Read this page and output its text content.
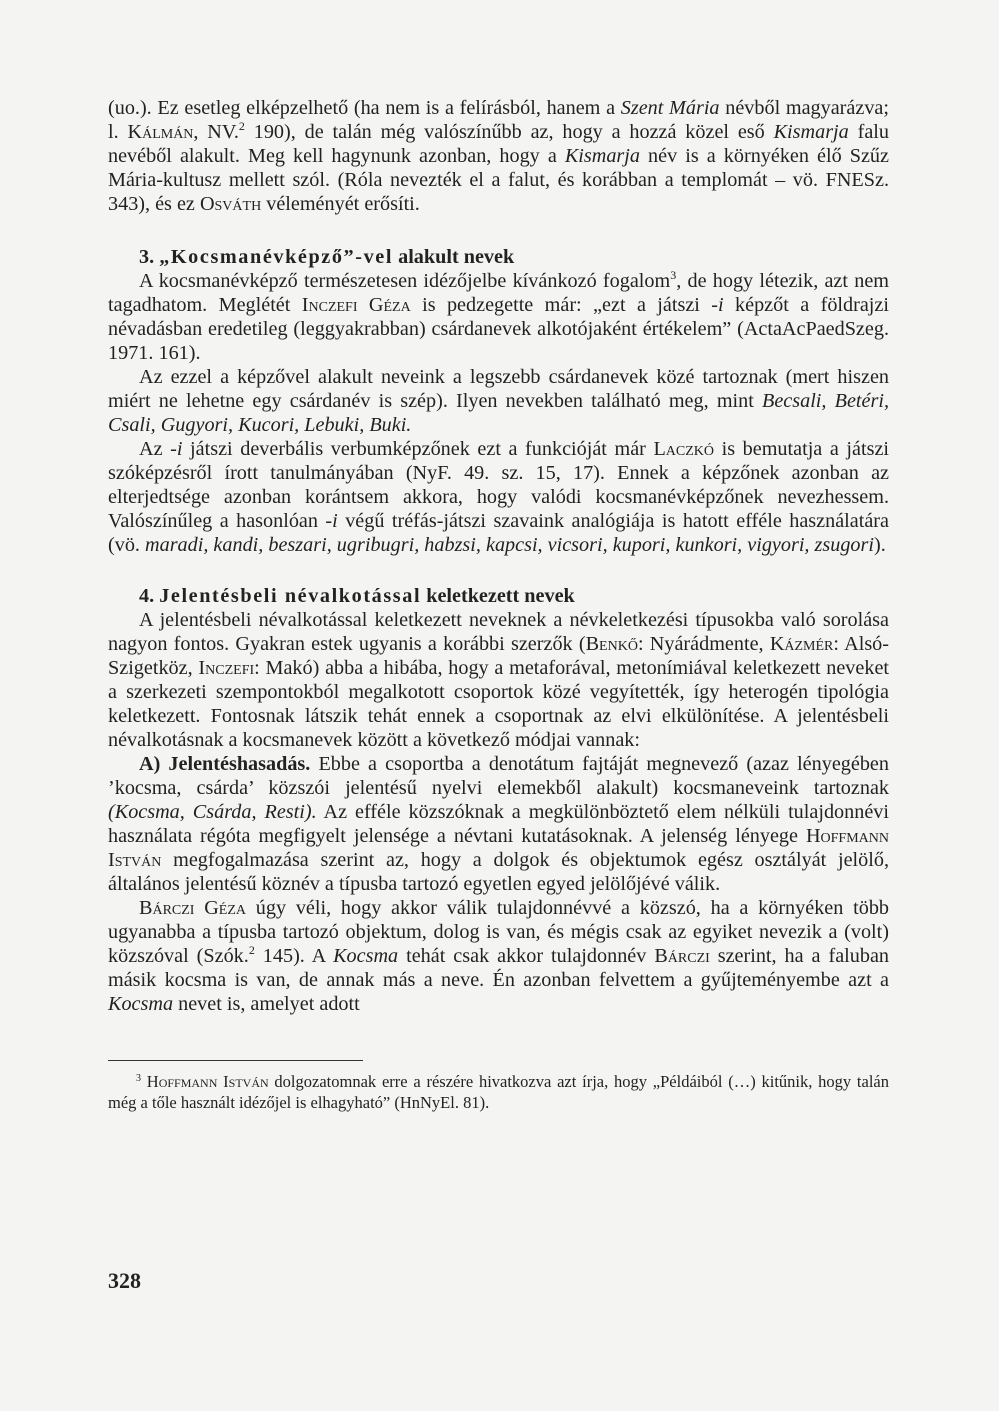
(uo.). Ez esetleg elképzelhető (ha nem is a felírásból, hanem a Szent Mária névből magyarázva; l. Kálmán, NV.$^2$ 190), de talán még valószínűbb az, hogy a hozzá közel eső Kismarja falu nevéből alakult. Meg kell hagynunk azonban, hogy a Kismarja név is a környéken élő Szűz Mária-kultusz mellett szól. (Róla nevezték el a falut, és korábban a templomát – vö. FNESz. 343), és ez Osváth véleményét erősíti.

3. „Kocsmanévképző”-vel alakult nevek

A kocsmanévképző természetesen idézőjelbe kívánkozó fogalom$^3$, de hogy létezik, azt nem tagadhatom. Meglétét Inczefi Géza is pedzegette már: „ezt a játszi -i képzőt a földrajzi névadásban eredetileg (leggyakrabban) csárdanevek alkotójaként értékelem” (ActaAcPaedSzeg. 1971. 161).

Az ezzel a képzővel alakult neveink a legszebb csárdanevek közé tartoznak (mert hiszen miért ne lehetne egy csárdanév is szép). Ilyen nevekben található meg, mint Becsali, Betéri, Csali, Gugyori, Kucori, Lebuki, Buki.

Az -i játszi deverbális verbumképzőnek ezt a funkcióját már Laczkó is bemutatja a játszi szóképzésről írott tanulmányában (NyF. 49. sz. 15, 17). Ennek a képzőnek azonban az elterjedtsége azonban korántsem akkora, hogy valódi kocsmanévképzőnek nevezhessem. Valószínűleg a hasonlóan -i végű tréfás-játszi szavaink analógiája is hatott efféle használatára (vö. maradi, kandi, beszari, ugribugri, habzsi, kapcsi, vicsori, kupori, kunkori, vigyori, zsugori).

4. Jelentésbeli névalkotással keletkezett nevek

A jelentésbeli névalkotással keletkezett neveknek a névkeletkezési típusokba való sorolása nagyon fontos. Gyakran estek ugyanis a korábbi szerzők (Benkő: Nyárádmente, Kázmér: Alsó-Szigetköz, Inczefi: Makó) abba a hibába, hogy a metaforával, metonímiával keletkezett neveket a szerkezeti szempontokból megalkotott csoportok közé vegyítették, így heterogén tipológia keletkezett. Fontosnak látszik tehát ennek a csoportnak az elvi elkülönítése. A jelentésbeli névalkotásnak a kocsmanevek között a következő módjai vannak:

A) Jelentéshasadás. Ebbe a csoportba a denotátum fajtáját megnevező (azaz lényegében ’kocsma, csárda’ közszói jelentésű nyelvi elemekből alakult) kocsmaneveink tartoznak (Kocsma, Csárda, Resti). Az efféle közszóknak a megkülönböztető elem nélküli tulajdonnévi használata régóta megfigyelt jelensége a névtani kutatásoknak. A jelenség lényege Hoffmann István megfogalmazása szerint az, hogy a dolgok és objektumok egész osztályát jelölő, általános jelentésű köznév a típusba tartozó egyetlen egyed jelölőjévé válik.

Bárczi Géza úgy véli, hogy akkor válik tulajdonnévvé a közszó, ha a környéken több ugyanabba a típusba tartozó objektum, dolog is van, és mégis csak az egyiket nevezik a (volt) közszóval (Szók.$^2$ 145). A Kocsma tehát csak akkor tulajdonnév Bárczi szerint, ha a faluban másik kocsma is van, de annak más a neve. Én azonban felvettem a gyűjteményembe azt a Kocsma nevet is, amelyet adott

$^3$ Hoffmann István dolgozatomnak erre a részére hivatkozva azt írja, hogy „Példáiból (…) kitűnik, hogy talán még a tőle használt idézőjel is elhagyható” (HnNyEl. 81).

328
